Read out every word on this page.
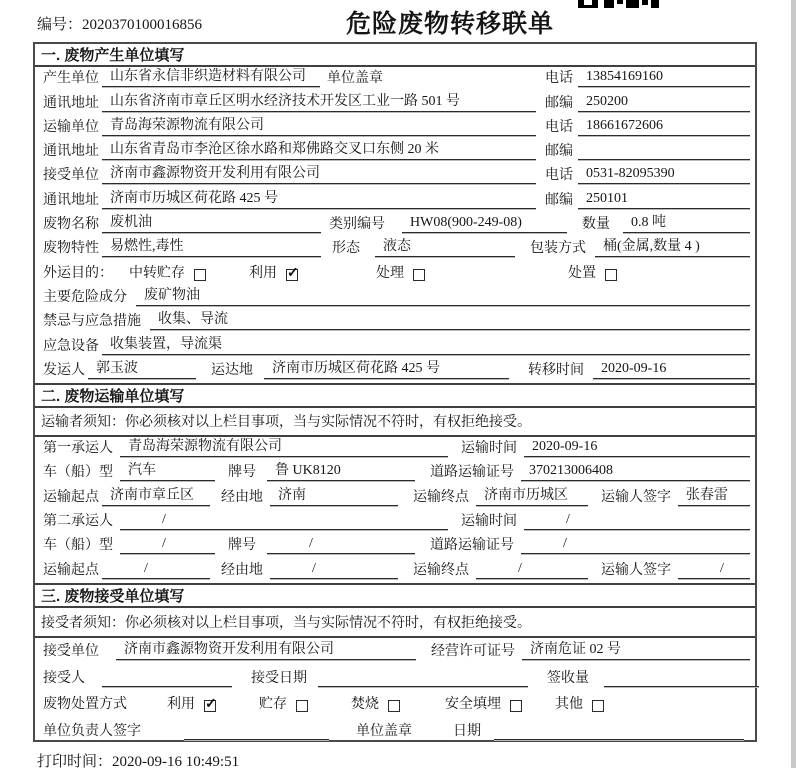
编号：2020370100016856	危险废物转移联单
一. 废物产生单位填写
产生单位 山东省永信非织造材料有限公司	单位盖章	电话 13854169160
通讯地址 山东省济南市章丘区明水经济技术开发区工业一路 501 号	邮编 250200
运输单位 青岛海荣源物流有限公司	电话 18661672606
通讯地址 山东省青岛市李沧区徐水路和郑佛路交叉口东侧 20 米	邮编
接受单位 济南市鑫源物资开发利用有限公司	电话 0531-82095390
通讯地址 济南市历城区荷花路 425 号	邮编 250101
废物名称 废机油	类别编号	HW08(900-249-08)	数量	0.8 吨
废物特性 易燃性,毒性	形态	液态	包装方式	桶(金属,数量 4 )
外运目的： 中转贮存	利用 ✓	处理	处置
主要危险成分	废矿物油
禁忌与应急措施	收集、导流
应急设备 收集装置，导流渠
发运人 郭玉波	运达地	济南市历城区荷花路 425 号	转移时间	2020-09-16
二. 废物运输单位填写
运输者须知：你必须核对以上栏目事项，当与实际情况不符时，有权拒绝接受。
第一承运人	青岛海荣源物流有限公司	运输时间	2020-09-16
车（船）型	汽车	牌号	鲁 UK8120	道路运输证号	370213006408
运输起点 济南市章丘区	经由地	济南	运输终点	济南市历城区	运输人签字	张春雷
第二承运人	/	运输时间	/
车（船）型	/	牌号	/	道路运输证号	/
运输起点	/	经由地	/	运输终点	/	运输人签字	/
三. 废物接受单位填写
接受者须知：你必须核对以上栏目事项，当与实际情况不符时，有权拒绝接受。
接受单位	济南市鑫源物资开发利用有限公司	经营许可证号	济南危证 02 号
接受人	接受日期	签收量
废物处置方式	利用 ✓	贮存	焚烧	安全填埋	其他
单位负责人签字	单位盖章	日期
打印时间：2020-09-16 10:49:51
